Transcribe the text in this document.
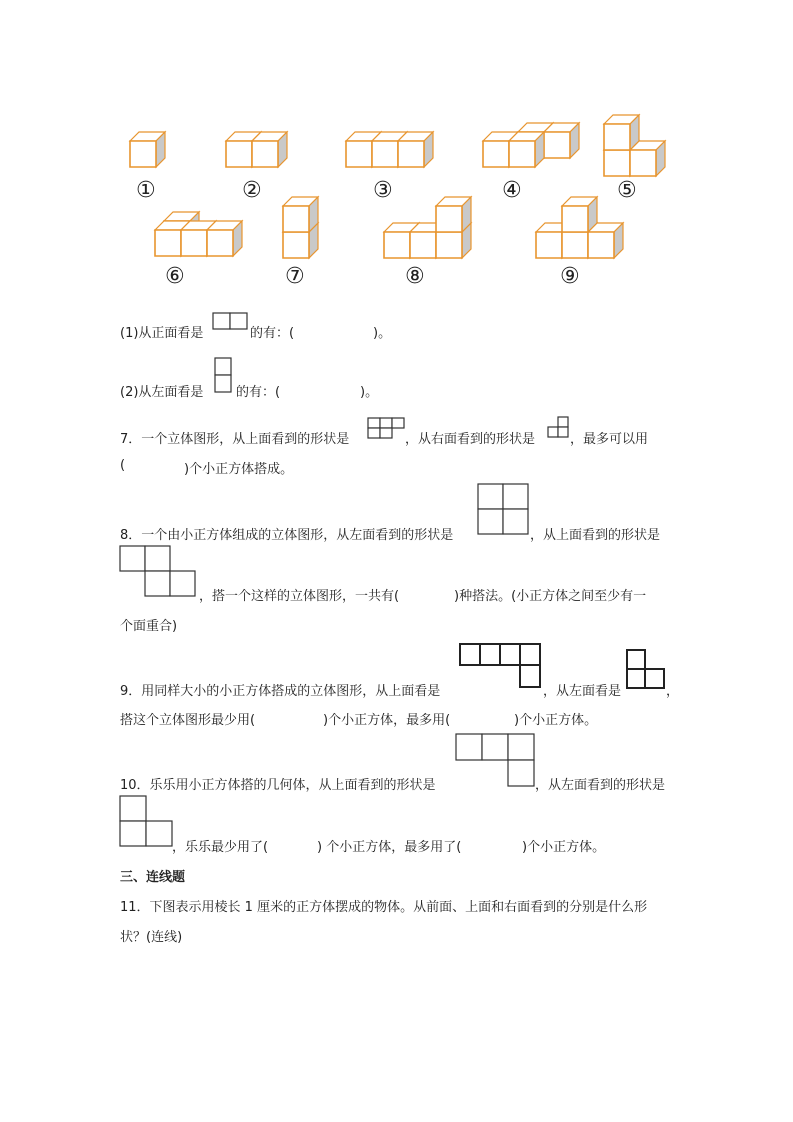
①	②	③	④	⑤
⑥	⑦	⑧	⑨
(1)从正面看是	的有：(	)。
(2)从左面看是	的有：(	)。
7．一个立体图形，从上面看到的形状是	，从右面看到的形状是	，最多可以用
(	)个小正方体搭成。
8．一个由小正方体组成的立体图形，从左面看到的形状是	，从上面看到的形状是
，搭一个这样的立体图形，一共有(	)种搭法。(小正方体之间至少有一
个面重合)
9．用同样大小的小正方体搭成的立体图形，从上面看是	，从左面看是	，
搭这个立体图形最少用(	)个小正方体，最多用(	)个小正方体。
10．乐乐用小正方体搭的几何体，从上面看到的形状是	，从左面看到的形状是
，乐乐最少用了(	) 个小正方体，最多用了(	)个小正方体。
三、连线题
11．下图表示用棱长 1 厘米的正方体摆成的物体。从前面、上面和右面看到的分别是什么形
状？(连线)
